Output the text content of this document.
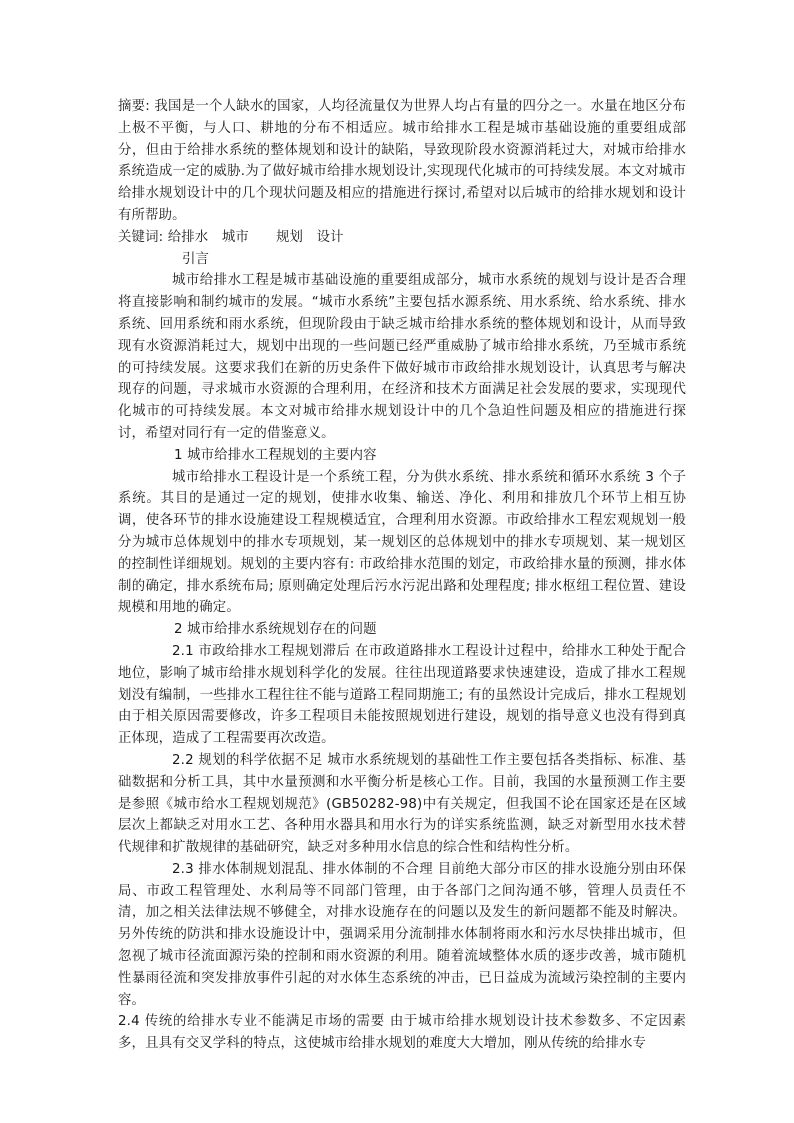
摘要: 我国是一个人缺水的国家，人均径流量仅为世界人均占有量的四分之一。水量在地区分布上极不平衡，与人口、耕地的分布不相适应。城市给排水工程是城市基础设施的重要组成部分，但由于给排水系统的整体规划和设计的缺陷，导致现阶段水资源消耗过大，对城市给排水系统造成一定的威胁.为了做好城市给排水规划设计,实现现代化城市的可持续发展。本文对城市给排水规划设计中的几个现状问题及相应的措施进行探讨,希望对以后城市的给排水规划和设计有所帮助。

关键词: 给排水　城市　　规划　设计

引言

城市给排水工程是城市基础设施的重要组成部分，城市水系统的规划与设计是否合理将直接影响和制约城市的发展。“城市水系统”主要包括水源系统、用水系统、给水系统、排水系统、回用系统和雨水系统，但现阶段由于缺乏城市给排水系统的整体规划和设计，从而导致现有水资源消耗过大，规划中出现的一些问题已经严重威胁了城市给排水系统，乃至城市系统的可持续发展。这要求我们在新的历史条件下做好城市市政给排水规划设计，认真思考与解决现存的问题，寻求城市水资源的合理利用，在经济和技术方面满足社会发展的要求，实现现代化城市的可持续发展。本文对城市给排水规划设计中的几个急迫性问题及相应的措施进行探讨，希望对同行有一定的借鉴意义。

1 城市给排水工程规划的主要内容

城市给排水工程设计是一个系统工程，分为供水系统、排水系统和循环水系统 3 个子系统。其目的是通过一定的规划，使排水收集、输送、净化、利用和排放几个环节上相互协调，使各环节的排水设施建设工程规模适宜，合理利用水资源。市政给排水工程宏观规划一般分为城市总体规划中的排水专项规划，某一规划区的总体规划中的排水专项规划、某一规划区的控制性详细规划。规划的主要内容有: 市政给排水范围的划定，市政给排水量的预测，排水体制的确定，排水系统布局; 原则确定处理后污水污泥出路和处理程度; 排水枢纽工程位置、建设规模和用地的确定。

2 城市给排水系统规划存在的问题

2.1 市政给排水工程规划滞后 在市政道路排水工程设计过程中，给排水工种处于配合地位，影响了城市给排水规划科学化的发展。往往出现道路要求快速建设，造成了排水工程规划没有编制，一些排水工程往往不能与道路工程同期施工; 有的虽然设计完成后，排水工程规划由于相关原因需要修改，许多工程项目未能按照规划进行建设，规划的指导意义也没有得到真正体现，造成了工程需要再次改造。

2.2 规划的科学依据不足 城市水系统规划的基础性工作主要包括各类指标、标准、基础数据和分析工具，其中水量预测和水平衡分析是核心工作。目前，我国的水量预测工作主要是参照《城市给水工程规划规范》(GB50282-98)中有关规定，但我国不论在国家还是在区域层次上都缺乏对用水工艺、各种用水器具和用水行为的详实系统监测，缺乏对新型用水技术替代规律和扩散规律的基础研究，缺乏对多种用水信息的综合性和结构性分析。

2.3 排水体制规划混乱、排水体制的不合理 目前绝大部分市区的排水设施分别由环保局、市政工程管理处、水利局等不同部门管理，由于各部门之间沟通不够，管理人员责任不清，加之相关法律法规不够健全，对排水设施存在的问题以及发生的新问题都不能及时解决。另外传统的防洪和排水设施设计中，强调采用分流制排水体制将雨水和污水尽快排出城市，但忽视了城市径流面源污染的控制和雨水资源的利用。随着流域整体水质的逐步改善，城市随机性暴雨径流和突发排放事件引起的对水体生态系统的冲击，已日益成为流域污染控制的主要内容。

2.4 传统的给排水专业不能满足市场的需要 由于城市给排水规划设计技术参数多、不定因素多，且具有交叉学科的特点，这使城市给排水规划的难度大大增加，刚从传统的给排水专
